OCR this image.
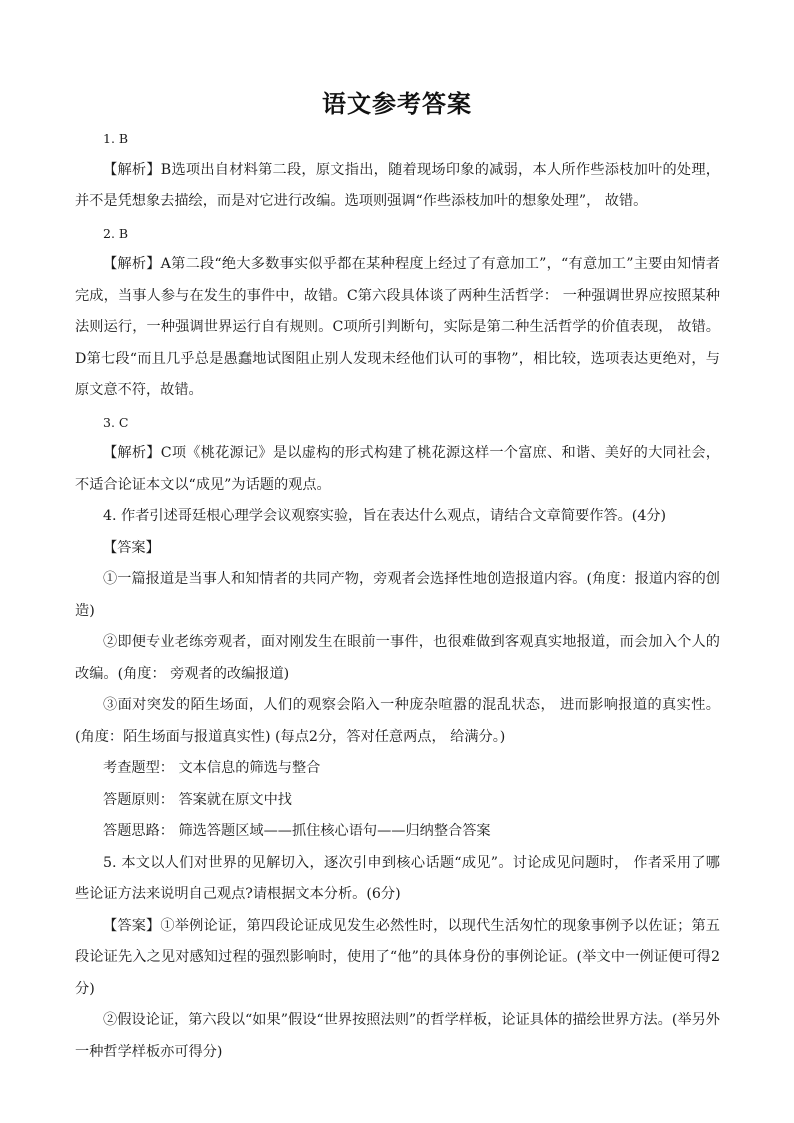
语文参考答案
1. B

【解析】B选项出自材料第二段，原文指出，随着现场印象的减弱，本人所作些添枝加叶的处理，并不是凭想象去描绘，而是对它进行改编。选项则强调“作些添枝加叶的想象处理”， 故错。

2. B

【解析】A第二段“绝大多数事实似乎都在某种程度上经过了有意加工”，“有意加工”主要由知情者完成，当事人参与在发生的事件中，故错。C第六段具体谈了两种生活哲学： 一种强调世界应按照某种法则运行，一种强调世界运行自有规则。C项所引判断句，实际是第二种生活哲学的价值表现， 故错。D第七段“而且几乎总是愚蠢地试图阻止别人发现未经他们认可的事物”，相比较，选项表达更绝对，与原文意不符，故错。

3. C

【解析】C项《桃花源记》是以虚构的形式构建了桃花源这样一个富庶、和谐、美好的大同社会，不适合论证本文以“成见”为话题的观点。

4. 作者引述哥廷根心理学会议观察实验，旨在表达什么观点，请结合文章简要作答。(4分)

【答案】

①一篇报道是当事人和知情者的共同产物，旁观者会选择性地创造报道内容。(角度：报道内容的创造)

②即便专业老练旁观者，面对刚发生在眼前一事件，也很难做到客观真实地报道，而会加入个人的改编。(角度： 旁观者的改编报道)

③面对突发的陌生场面，人们的观察会陷入一种庞杂喧嚣的混乱状态， 进而影响报道的真实性。(角度：陌生场面与报道真实性) (每点2分，答对任意两点， 给满分。)

考查题型： 文本信息的筛选与整合

答题原则： 答案就在原文中找

答题思路： 筛选答题区域——抓住核心语句——归纳整合答案

5. 本文以人们对世界的见解切入，逐次引申到核心话题“成见”。讨论成见问题时， 作者采用了哪些论证方法来说明自己观点?请根据文本分析。(6分)

【答案】①举例论证，第四段论证成见发生必然性时，以现代生活匆忙的现象事例予以佐证；第五段论证先入之见对感知过程的强烈影响时，使用了“他”的具体身份的事例论证。(举文中一例证便可得2分)

②假设论证，第六段以“如果”假设“世界按照法则”的哲学样板，论证具体的描绘世界方法。(举另外一种哲学样板亦可得分)
